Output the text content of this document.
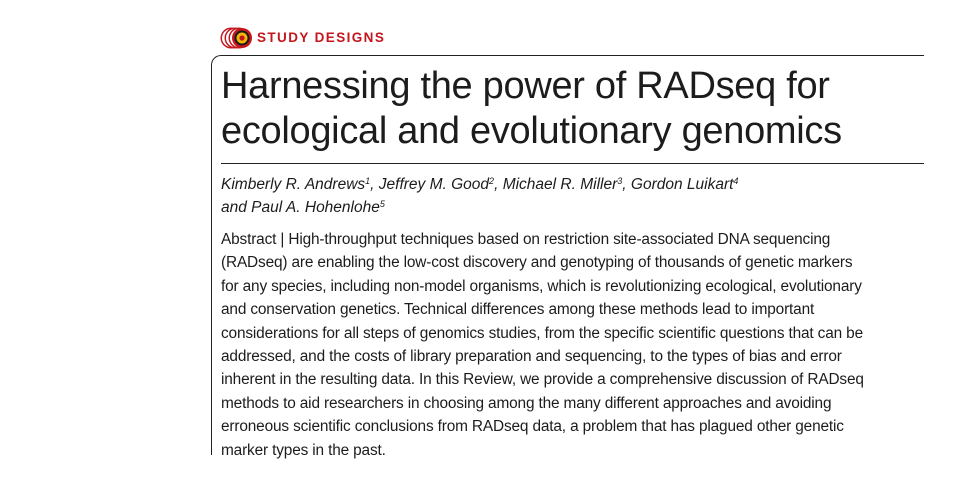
STUDY DESIGNS
Harnessing the power of RADseq for
ecological and evolutionary genomics
Kimberly R. Andrews$^1$, Jeffrey M. Good$^2$, Michael R. Miller$^3$, Gordon Luikart$^4$
and Paul A. Hohenlohe$^5$
Abstract | High-throughput techniques based on restriction site-associated DNA sequencing
(RADseq) are enabling the low-cost discovery and genotyping of thousands of genetic markers
for any species, including non-model organisms, which is revolutionizing ecological, evolutionary
and conservation genetics. Technical differences among these methods lead to important
considerations for all steps of genomics studies, from the specific scientific questions that can be
addressed, and the costs of library preparation and sequencing, to the types of bias and error
inherent in the resulting data. In this Review, we provide a comprehensive discussion of RADseq
methods to aid researchers in choosing among the many different approaches and avoiding
erroneous scientific conclusions from RADseq data, a problem that has plagued other genetic
marker types in the past.
